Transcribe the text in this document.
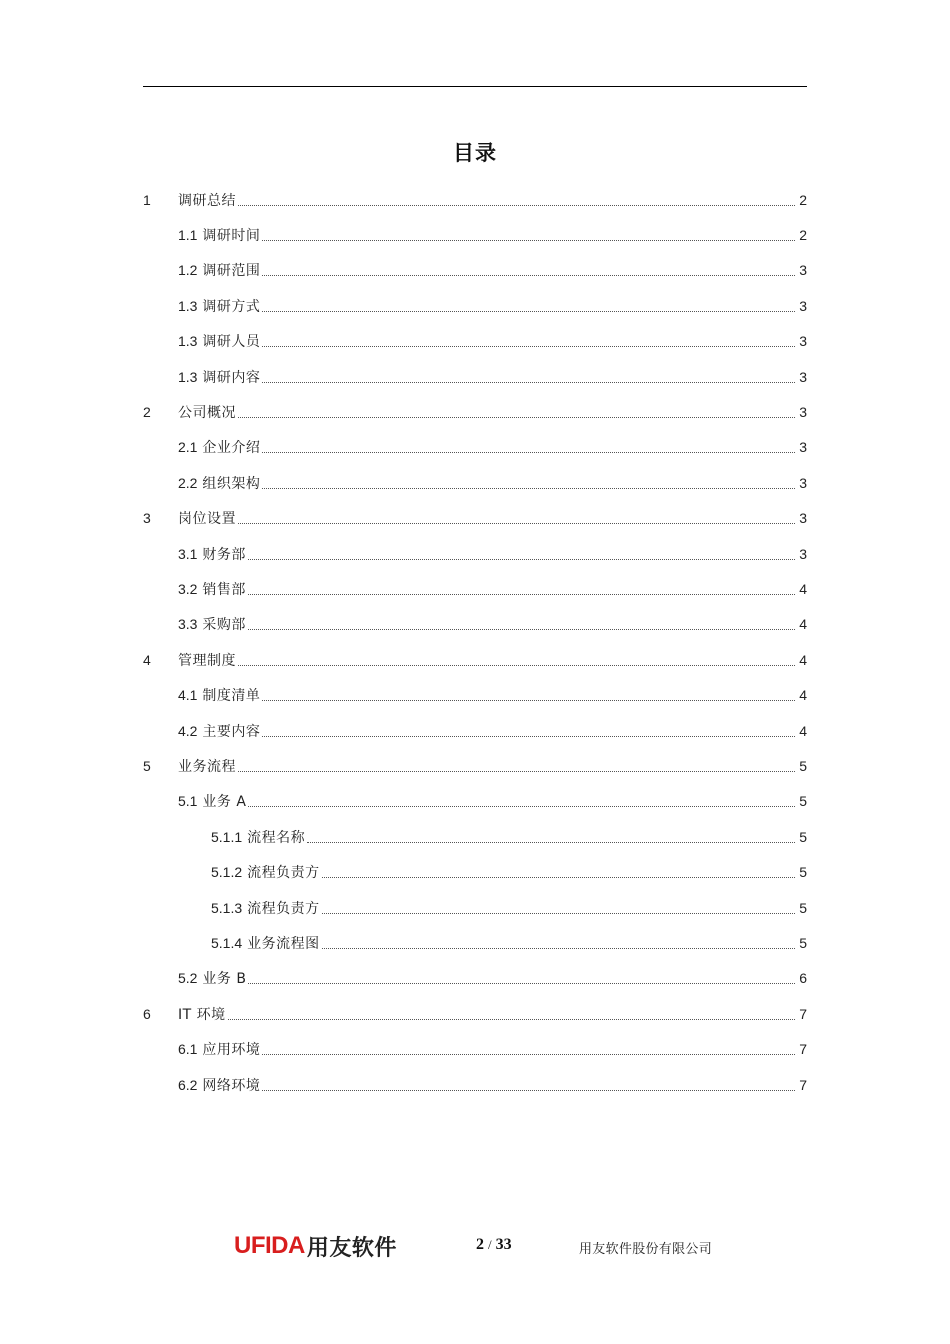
目录
1	调研总结	2
1.1 调研时间	2
1.2 调研范围	3
1.3 调研方式	3
1.3 调研人员	3
1.3 调研内容	3
2	公司概况	3
2.1 企业介绍	3
2.2 组织架构	3
3	岗位设置	3
3.1 财务部	3
3.2 销售部	4
3.3 采购部	4
4	管理制度	4
4.1 制度清单	4
4.2 主要内容	4
5	业务流程	5
5.1 业务 A	5
5.1.1 流程名称	5
5.1.2 流程负责方	5
5.1.3 流程负责方	5
5.1.4 业务流程图	5
5.2 业务 B	6
6	IT 环境	7
6.1 应用环境	7
6.2 网络环境	7
UFIDA 用友软件	2 / 33	用友软件股份有限公司
